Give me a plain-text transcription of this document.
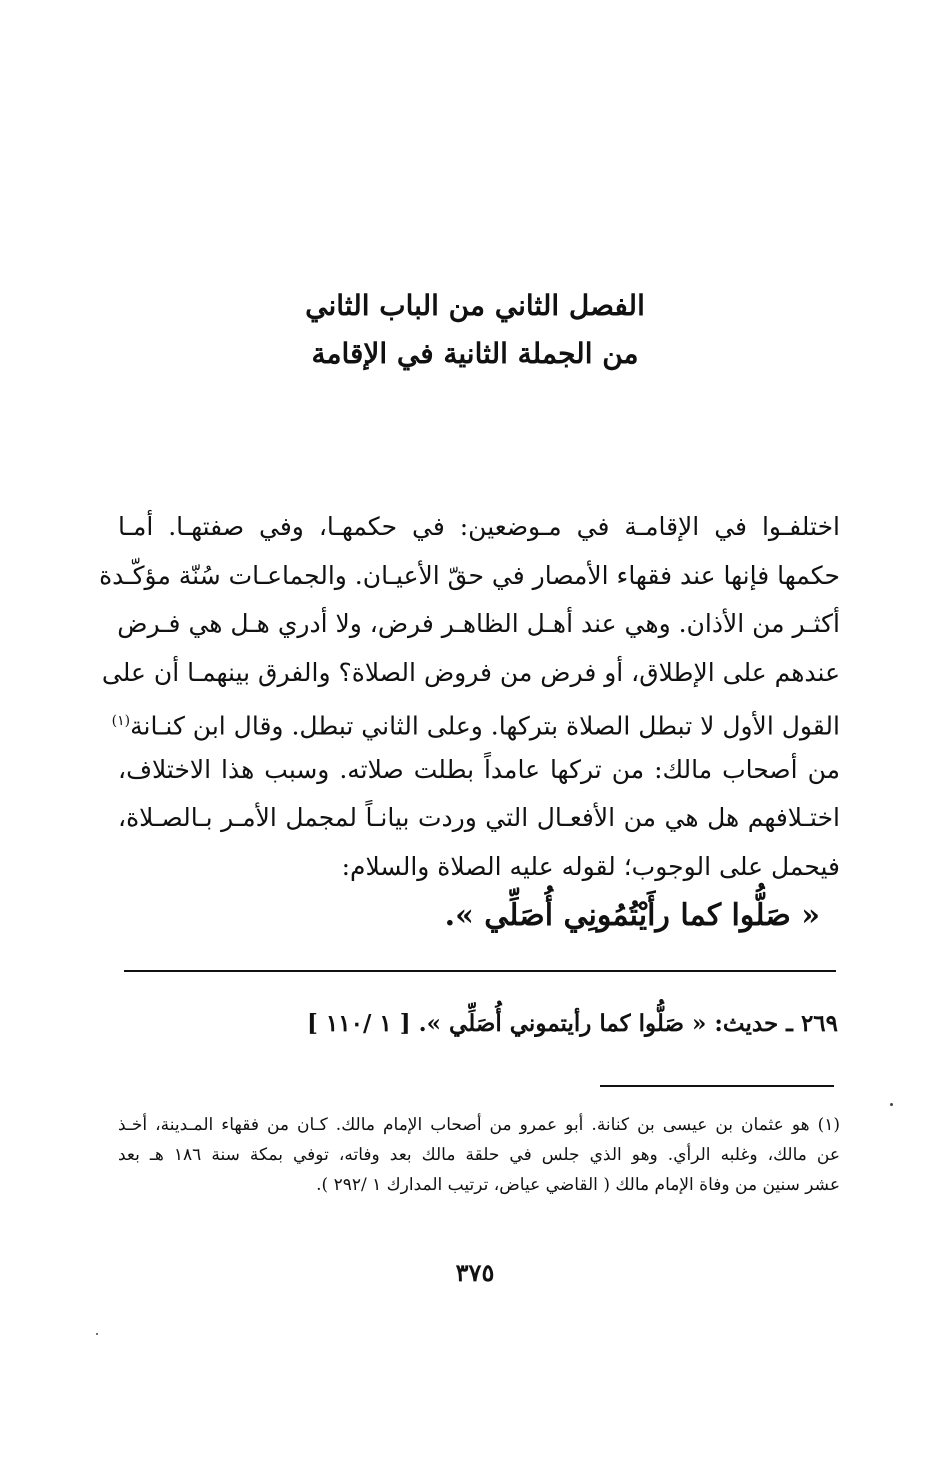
الفصل الثاني من الباب الثاني
من الجملة الثانية في الإقامة
اختلفـوا في الإقامـة في مـوضعين: في حكمهـا، وفي صفتهـا. أمـا
حكمها فإنها عند فقهاء الأمصار في حقّ الأعيـان. والجماعـات سُنّة مؤكّـدة
أكثـر من الأذان. وهي عند أهـل الظاهـر فرض، ولا أدري هـل هي فـرض
عندهم على الإطلاق، أو فرض من فروض الصلاة؟ والفرق بينهمـا أن على
القول الأول لا تبطل الصلاة بتركها. وعلى الثاني تبطل. وقال ابن كنـانة$^{(١)}$
من أصحاب مالك: من تركها عامداً بطلت صلاته. وسبب هذا الاختلاف،
اختـلافهم هل هي من الأفعـال التي وردت بيانـاً لمجمل الأمـر بـالصـلاة،
فيحمل على الوجوب؛ لقوله عليه الصلاة والسلام:
« صَلُّوا كما رأَيْتُمُونِي أُصَلِّي ».
٢٦٩ ـ حديث: « صَلُّوا كما رأيتموني أُصَلِّي ». [ ١ /١١٠ ]
(١) هو عثمان بن عيسى بن كنانة. أبو عمرو من أصحاب الإمام مالك. كـان من فقهاء المـدينة، أخـذ
عن مالك، وغلبه الرأي. وهو الذي جلس في حلقة مالك بعد وفاته، توفي بمكة سنة ١٨٦ هـ بعد
عشر سنين من وفاة الإمام مالك ( القاضي عياض، ترتيب المدارك ١ /٢٩٢ ).
٣٧٥
